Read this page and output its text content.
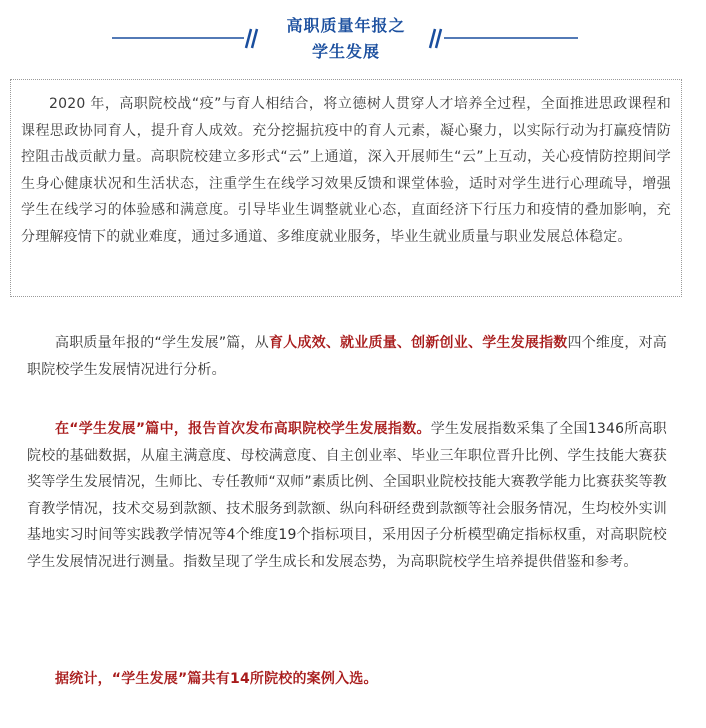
高职质量年报之
学生发展

2020 年，高职院校战“疫”与育人相结合，将立德树人贯穿人才培养全过程，全面推进思政课程和课程思政协同育人，提升育人成效。充分挖掘抗疫中的育人元素，凝心聚力，以实际行动为打赢疫情防控阻击战贡献力量。高职院校建立多形式“云”上通道，深入开展师生“云”上互动，关心疫情防控期间学生身心健康状况和生活状态，注重学生在线学习效果反馈和课堂体验，适时对学生进行心理疏导，增强学生在线学习的体验感和满意度。引导毕业生调整就业心态，直面经济下行压力和疫情的叠加影响，充分理解疫情下的就业难度，通过多通道、多维度就业服务，毕业生就业质量与职业发展总体稳定。

高职质量年报的“学生发展”篇，从育人成效、就业质量、创新创业、学生发展指数四个维度，对高职院校学生发展情况进行分析。

在“学生发展”篇中，报告首次发布高职院校学生发展指数。学生发展指数采集了全国1346所高职院校的基础数据，从雇主满意度、母校满意度、自主创业率、毕业三年职位晋升比例、学生技能大赛获奖等学生发展情况，生师比、专任教师“双师”素质比例、全国职业院校技能大赛教学能力比赛获奖等教育教学情况，技术交易到款额、技术服务到款额、纵向科研经费到款额等社会服务情况，生均校外实训基地实习时间等实践教学情况等4个维度19个指标项目，采用因子分析模型确定指标权重，对高职院校学生发展情况进行测量。指数呈现了学生成长和发展态势，为高职院校学生培养提供借鉴和参考。

据统计，“学生发展”篇共有14所院校的案例入选。
